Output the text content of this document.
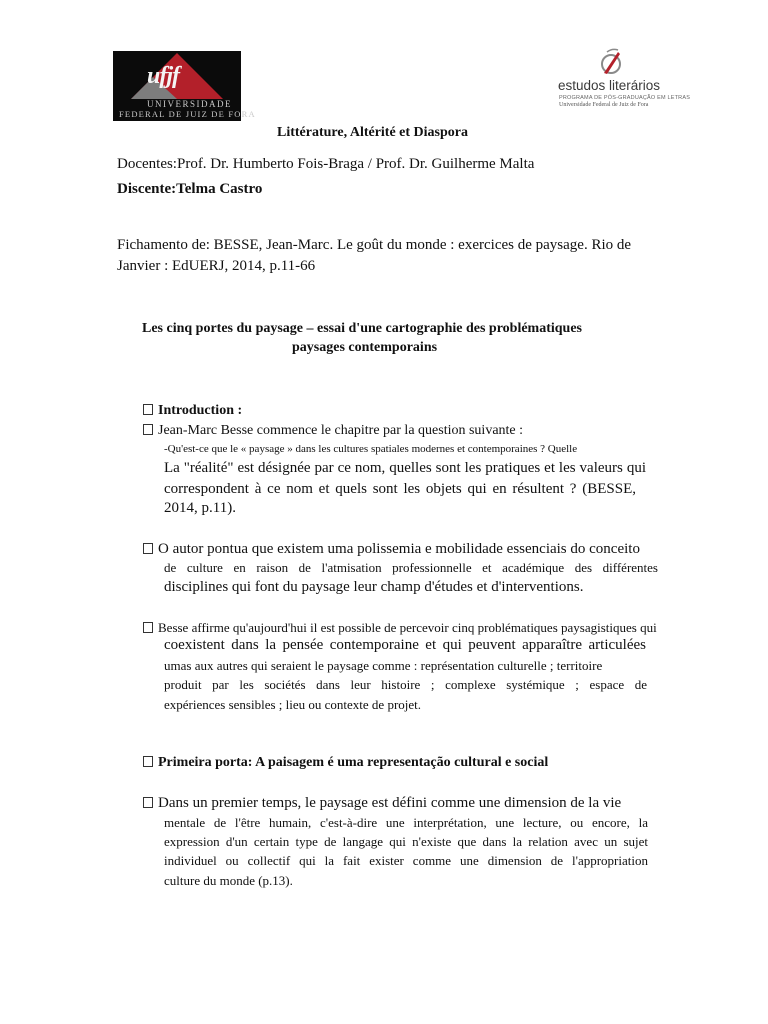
ufjf
UNIVERSIDADE
FEDERAL DE JUIZ DE FORA
estudos literários
PROGRAMA DE PÓS-GRADUAÇÃO EM LETRAS
Universidade Federal de Juiz de Fora
Littérature, Altérité et Diaspora
Docentes:Prof. Dr. Humberto Fois-Braga / Prof. Dr. Guilherme Malta
Discente:Telma Castro
Fichamento de: BESSE, Jean-Marc. Le goût du monde : exercices de paysage. Rio de
Janvier : EdUERJ, 2014, p.11-66
Les cinq portes du paysage – essai d'une cartographie des problématiques
paysages contemporains
Introduction :
Jean-Marc Besse commence le chapitre par la question suivante :
-Qu'est-ce que le « paysage » dans les cultures spatiales modernes et contemporaines ? Quelle
La "réalité" est désignée par ce nom, quelles sont les pratiques et les valeurs qui
correspondent à ce nom et quels sont les objets qui en résultent ? (BESSE,
2014, p.11).
O autor pontua que existem uma polissemia e mobilidade essenciais do conceito
de culture en raison de l'atmisation professionnelle et académique des différentes
disciplines qui font du paysage leur champ d'études et d'interventions.
Besse affirme qu'aujourd'hui il est possible de percevoir cinq problématiques paysagistiques qui
coexistent dans la pensée contemporaine et qui peuvent apparaître articulées
umas aux autres qui seraient le paysage comme : représentation culturelle ; territoire
produit par les sociétés dans leur histoire ; complexe systémique ; espace de
expériences sensibles ; lieu ou contexte de projet.
Primeira porta: A paisagem é uma representação cultural e social
Dans un premier temps, le paysage est défini comme une dimension de la vie
mentale de l'être humain, c'est-à-dire une interprétation, une lecture, ou encore, la
expression d'un certain type de langage qui n'existe que dans la relation avec un sujet
individuel ou collectif qui la fait exister comme une dimension de l'appropriation
culture du monde (p.13).
